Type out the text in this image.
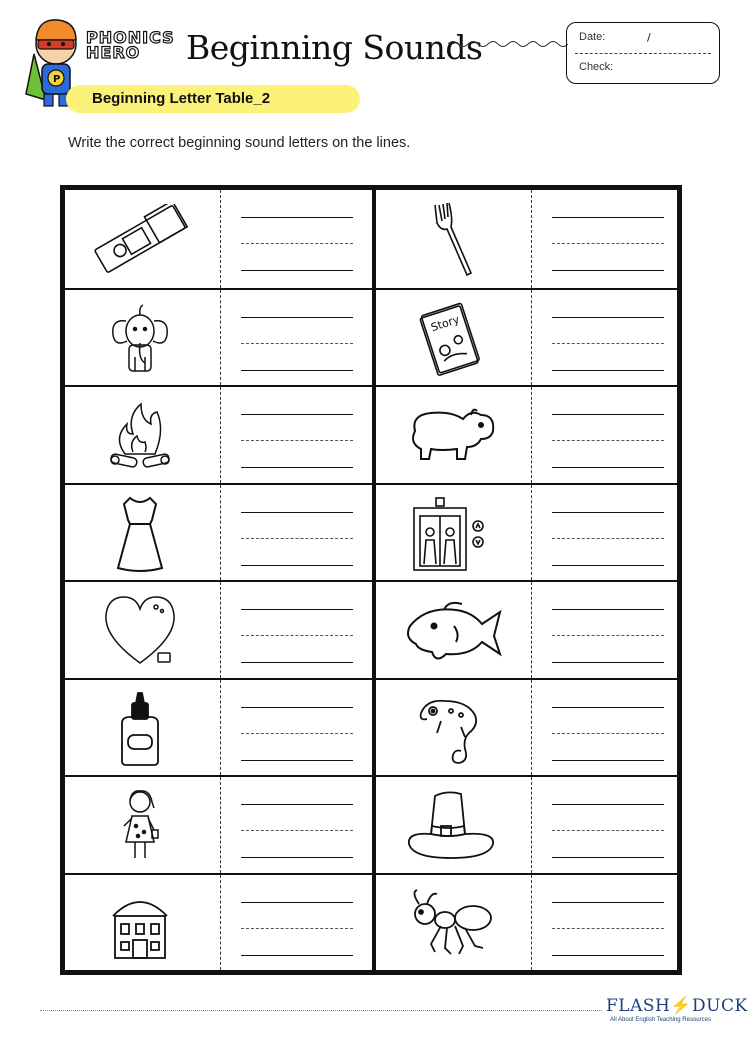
P
PHONICS
HERO	Beginning Sounds	Date:	/
Check:
Beginning Letter Table_2
Write the correct beginning sound letters on the lines.
Story
FLASH⚡DUCK
All About English Teaching Resources
